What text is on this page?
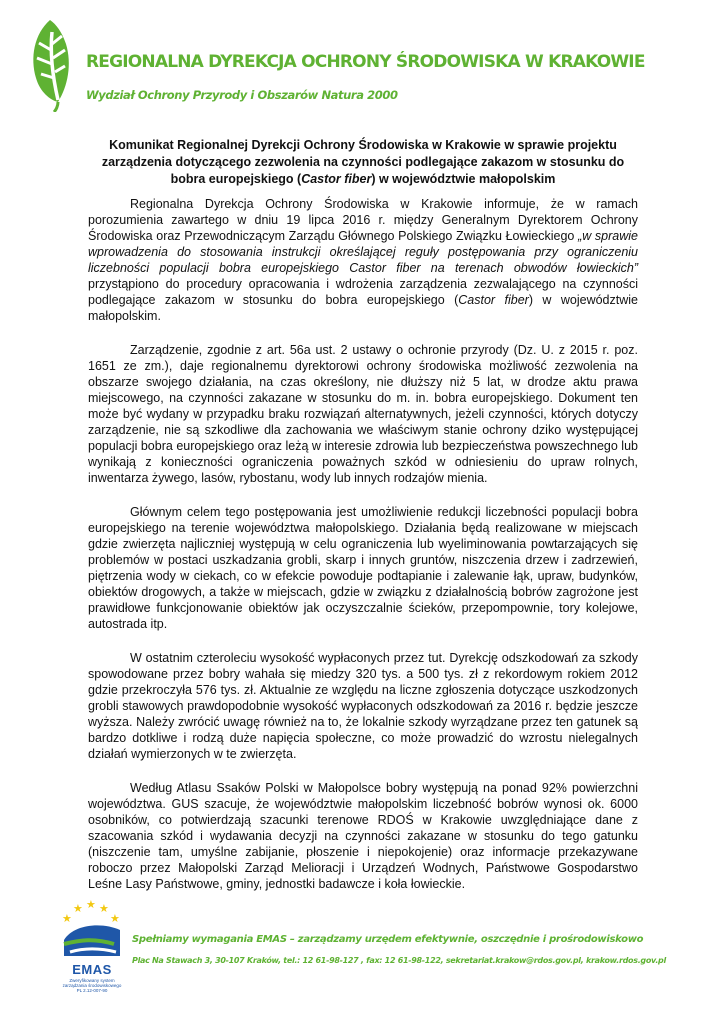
REGIONALNA DYREKCJA OCHRONY ŚRODOWISKA W KRAKOWIE
Wydział Ochrony Przyrody i Obszarów Natura 2000
Komunikat Regionalnej Dyrekcji Ochrony Środowiska w Krakowie w sprawie projektu zarządzenia dotyczącego zezwolenia na czynności podlegające zakazom w stosunku do bobra europejskiego (Castor fiber) w województwie małopolskim

Regionalna Dyrekcja Ochrony Środowiska w Krakowie informuje, że w ramach porozumienia zawartego w dniu 19 lipca 2016 r. między Generalnym Dyrektorem Ochrony Środowiska oraz Przewodniczącym Zarządu Głównego Polskiego Związku Łowieckiego „w sprawie wprowadzenia do stosowania instrukcji określającej reguły postępowania przy ograniczeniu liczebności populacji bobra europejskiego Castor fiber na terenach obwodów łowieckich” przystąpiono do procedury opracowania i wdrożenia zarządzenia zezwalającego na czynności podlegające zakazom w stosunku do bobra europejskiego (Castor fiber) w województwie małopolskim.

Zarządzenie, zgodnie z art. 56a ust. 2 ustawy o ochronie przyrody (Dz. U. z 2015 r. poz. 1651 ze zm.), daje regionalnemu dyrektorowi ochrony środowiska możliwość zezwolenia na obszarze swojego działania, na czas określony, nie dłuższy niż 5 lat, w drodze aktu prawa miejscowego, na czynności zakazane w stosunku do m. in. bobra europejskiego. Dokument ten może być wydany w przypadku braku rozwiązań alternatywnych, jeżeli czynności, których dotyczy zarządzenie, nie są szkodliwe dla zachowania we właściwym stanie ochrony dziko występującej populacji bobra europejskiego oraz leżą w interesie zdrowia lub bezpieczeństwa powszechnego lub wynikają z konieczności ograniczenia poważnych szkód w odniesieniu do upraw rolnych, inwentarza żywego, lasów, rybostanu, wody lub innych rodzajów mienia.

Głównym celem tego postępowania jest umożliwienie redukcji liczebności populacji bobra europejskiego na terenie województwa małopolskiego. Działania będą realizowane w miejscach gdzie zwierzęta najliczniej występują w celu ograniczenia lub wyeliminowania powtarzających się problemów w postaci uszkadzania grobli, skarp i innych gruntów, niszczenia drzew i zadrzewień, piętrzenia wody w ciekach, co w efekcie powoduje podtapianie i zalewanie łąk, upraw, budynków, obiektów drogowych, a także w miejscach, gdzie w związku z działalnością bobrów zagrożone jest prawidłowe funkcjonowanie obiektów jak oczyszczalnie ścieków, przepompownie, tory kolejowe, autostrada itp.

W ostatnim czteroleciu wysokość wypłaconych przez tut. Dyrekcję odszkodowań za szkody spowodowane przez bobry wahała się miedzy 320 tys. a 500 tys. zł z rekordowym rokiem 2012 gdzie przekroczyła 576 tys. zł. Aktualnie ze względu na liczne zgłoszenia dotyczące uszkodzonych grobli stawowych prawdopodobnie wysokość wypłaconych odszkodowań za 2016 r. będzie jeszcze wyższa. Należy zwrócić uwagę również na to, że lokalnie szkody wyrządzane przez ten gatunek są bardzo dotkliwe i rodzą duże napięcia społeczne, co może prowadzić do wzrostu nielegalnych działań wymierzonych w te zwierzęta.

Według Atlasu Ssaków Polski w Małopolsce bobry występują na ponad 92% powierzchni województwa. GUS szacuje, że województwie małopolskim liczebność bobrów wynosi ok. 6000 osobników, co potwierdzają szacunki terenowe RDOŚ w Krakowie uwzględniające dane z szacowania szkód i wydawania decyzji na czynności zakazane w stosunku do tego gatunku (niszczenie tam, umyślne zabijanie, płoszenie i niepokojenie) oraz informacje przekazywane roboczo przez Małopolski Zarząd Melioracji i Urządzeń Wodnych, Państwowe Gospodarstwo Leśne Lasy Państwowe, gminy, jednostki badawcze i koła łowieckie.

★
★ ★ ★
★
EMAS
Zweryfikowany system zarządzania środowiskowego PL 2.12-007-90
Spełniamy wymagania EMAS – zarządzamy urzędem efektywnie, oszczędnie i prośrodowiskowo
Plac Na Stawach 3, 30-107 Kraków, tel.: 12 61-98-127 , fax: 12 61-98-122, sekretariat.krakow@rdos.gov.pl, krakow.rdos.gov.pl
